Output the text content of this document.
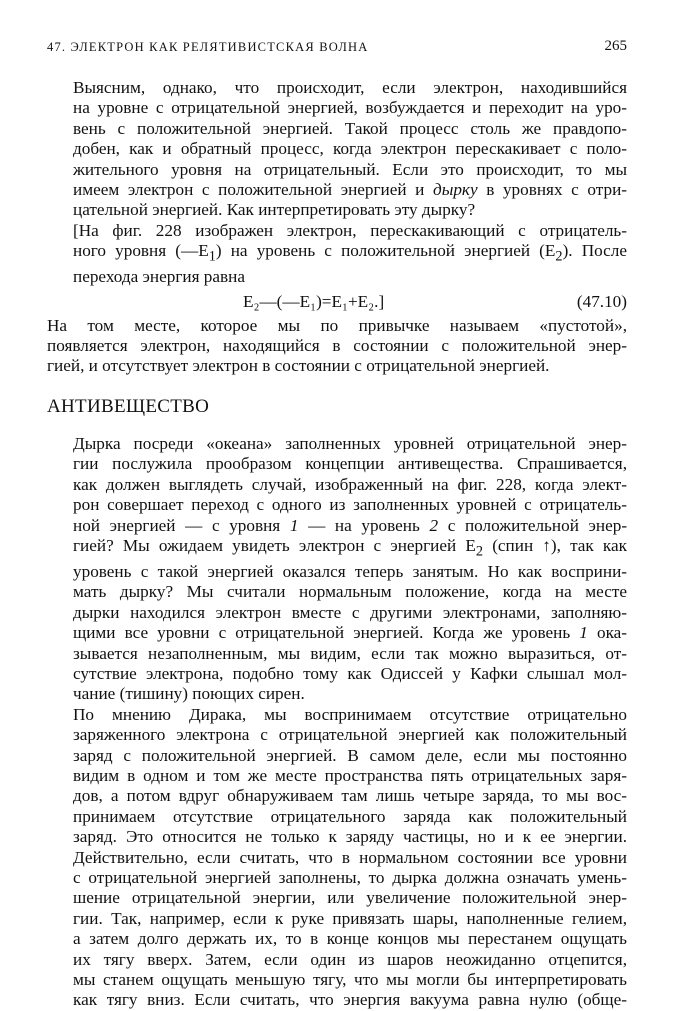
47. ЭЛЕКТРОН КАК РЕЛЯТИВИСТСКАЯ ВОЛНА	265

Выясним, однако, что происходит, если электрон, находившийся
на уровне с отрицательной энергией, возбуждается и переходит на уро-
вень с положительной энергией. Такой процесс столь же правдопо-
добен, как и обратный процесс, когда электрон перескакивает с поло-
жительного уровня на отрицательный. Если это происходит, то мы
имеем электрон с положительной энергией и дырку в уровнях с отри-
цательной энергией. Как интерпретировать эту дырку?

[На фиг. 228 изображен электрон, перескакивающий с отрицатель-
ного уровня $(—E_1)$ на уровень с положительной энергией $(E_2)$. После
перехода энергия равна

E₂—(—E₁)=E₁+E₂.]	(47.10)

На том месте, которое мы по привычке называем «пустотой»,
появляется электрон, находящийся в состоянии с положительной энер-
гией, и отсутствует электрон в состоянии с отрицательной энергией.

АНТИВЕЩЕСТВО

Дырка посреди «океана» заполненных уровней отрицательной энер-
гии послужила прообразом концепции антивещества. Спрашивается,
как должен выглядеть случай, изображенный на фиг. 228, когда элект-
рон совершает переход с одного из заполненных уровней с отрицатель-
ной энергией — с уровня 1 — на уровень 2 с положительной энер-
гией? Мы ожидаем увидеть электрон с энергией $E_2$ (спин ↑), так как
уровень с такой энергией оказался теперь занятым. Но как восприни-
мать дырку? Мы считали нормальным положение, когда на месте
дырки находился электрон вместе с другими электронами, заполняю-
щими все уровни с отрицательной энергией. Когда же уровень 1 ока-
зывается незаполненным, мы видим, если так можно выразиться, от-
сутствие электрона, подобно тому как Одиссей у Кафки слышал мол-
чание (тишину) поющих сирен.

По мнению Дирака, мы воспринимаем отсутствие отрицательно
заряженного электрона с отрицательной энергией как положительный
заряд с положительной энергией. В самом деле, если мы постоянно
видим в одном и том же месте пространства пять отрицательных заря-
дов, а потом вдруг обнаруживаем там лишь четыре заряда, то мы вос-
принимаем отсутствие отрицательного заряда как положительный
заряд. Это относится не только к заряду частицы, но и к ее энергии.
Действительно, если считать, что в нормальном состоянии все уровни
с отрицательной энергией заполнены, то дырка должна означать умень-
шение отрицательной энергии, или увеличение положительной энер-
гии. Так, например, если к руке привязать шары, наполненные гелием,
а затем долго держать их, то в конце концов мы перестанем ощущать
их тягу вверх. Затем, если один из шаров неожиданно отцепится,
мы станем ощущать меньшую тягу, что мы могли бы интерпретировать
как тягу вниз. Если считать, что энергия вакуума равна нулю (обще-
